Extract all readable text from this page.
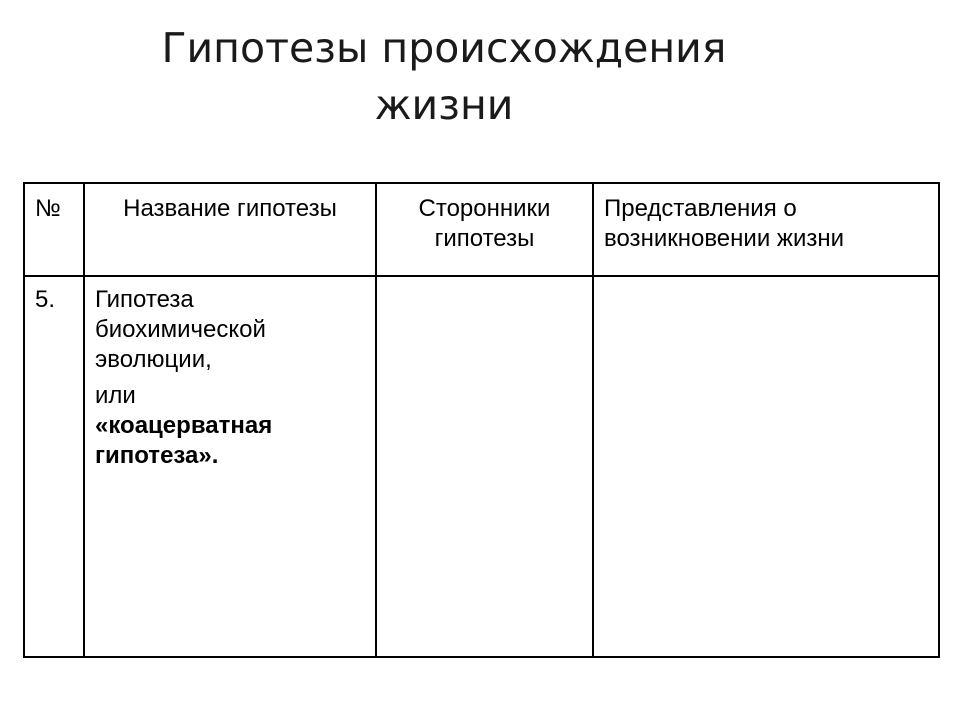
Гипотезы происхождения
жизни
№	Название гипотезы	Сторонники гипотезы	Представления о возникновении жизни
5.	Гипотеза биохимической эволюции,
или
«коацерватная гипотеза».		
